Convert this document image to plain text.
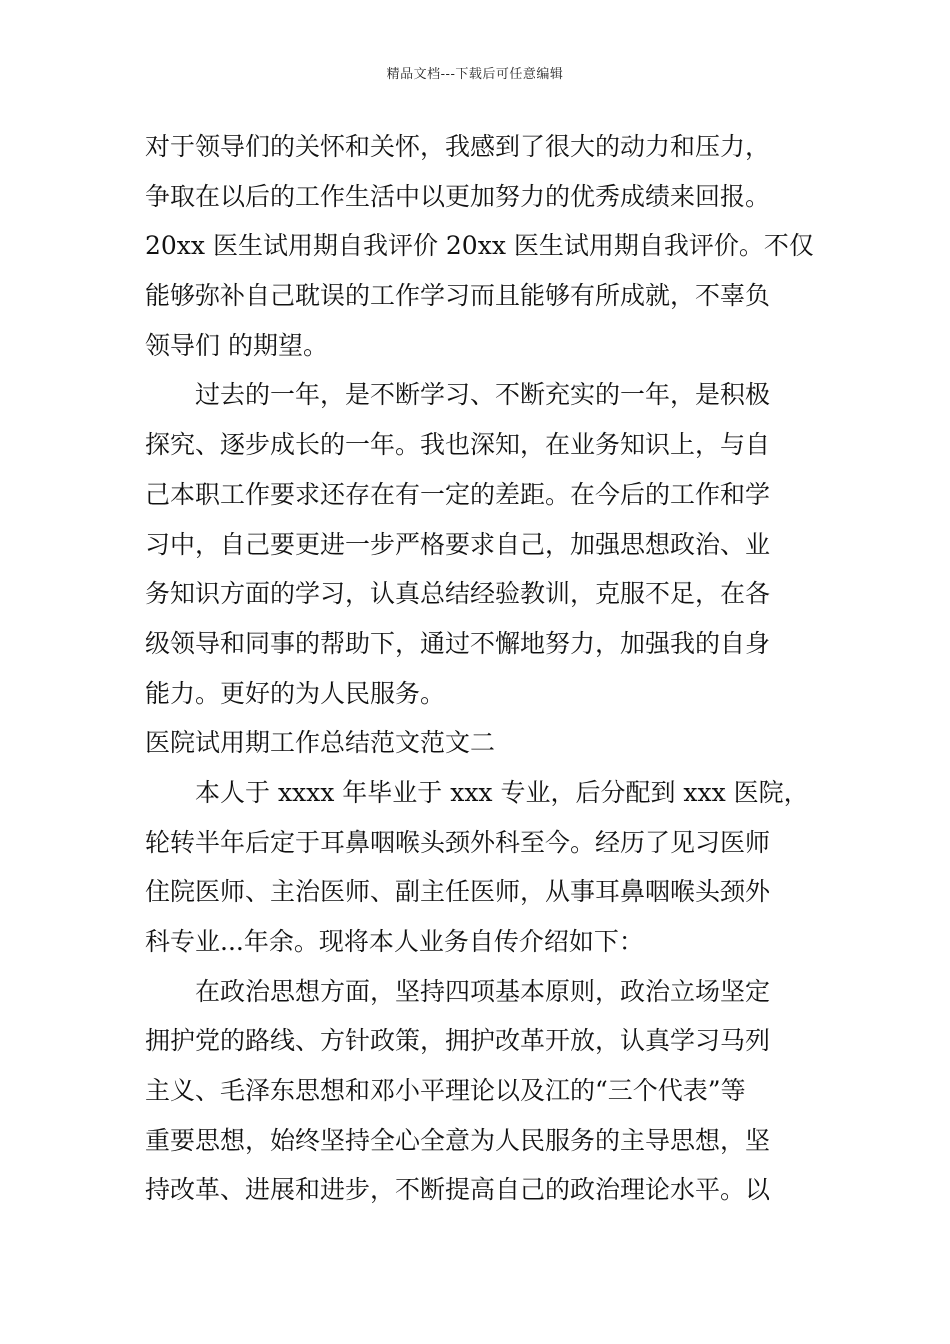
精品文档---下载后可任意编辑
对于领导们的关怀和关怀，我感到了很大的动力和压力，
争取在以后的工作生活中以更加努力的优秀成绩来回报。
20xx 医生试用期自我评价 20xx 医生试用期自我评价。不仅
能够弥补自己耽误的工作学习而且能够有所成就，不辜负
领导们 的期望。
　　过去的一年，是不断学习、不断充实的一年，是积极
探究、逐步成长的一年。我也深知，在业务知识上，与自
己本职工作要求还存在有一定的差距。在今后的工作和学
习中，自己要更进一步严格要求自己，加强思想政治、业
务知识方面的学习，认真总结经验教训，克服不足，在各
级领导和同事的帮助下，通过不懈地努力，加强我的自身
能力。更好的为人民服务。
医院试用期工作总结范文范文二
　　本人于 xxxx 年毕业于 xxx 专业，后分配到 xxx 医院，
轮转半年后定于耳鼻咽喉头颈外科至今。经历了见习医师
住院医师、主治医师、副主任医师，从事耳鼻咽喉头颈外
科专业...年余。现将本人业务自传介绍如下：
　　在政治思想方面，坚持四项基本原则，政治立场坚定
拥护党的路线、方针政策，拥护改革开放，认真学习马列
主义、毛泽东思想和邓小平理论以及江的“三个代表”等
重要思想，始终坚持全心全意为人民服务的主导思想，坚
持改革、进展和进步，不断提高自己的政治理论水平。以
